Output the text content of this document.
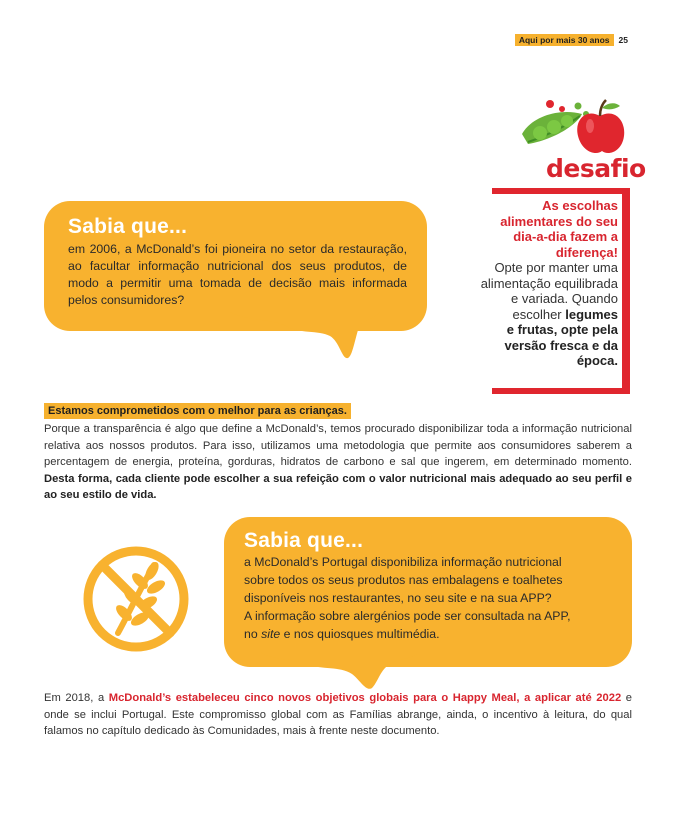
Aqui por mais 30 anos	25
desafio
As escolhas
alimentares do seu
dia-a-dia fazem a
diferença!
Opte por manter uma
alimentação equilibrada
e variada. Quando
escolher legumes
e frutas, opte pela
versão fresca e da
época.
Sabia que...
em 2006, a McDonald’s foi pioneira no setor da restauração, ao facultar informação nutricional dos seus produtos, de modo a permitir uma tomada de decisão mais informada pelos consumidores?
Estamos comprometidos com o melhor para as crianças.
Porque a transparência é algo que define a McDonald’s, temos procurado disponibilizar toda a informação nutricional relativa aos nossos produtos. Para isso, utilizamos uma metodologia que permite aos consumidores saberem a percentagem de energia, proteína, gorduras, hidratos de carbono e sal que ingerem, em determinado momento. Desta forma, cada cliente pode escolher a sua refeição com o valor nutricional mais adequado ao seu perfil e ao seu estilo de vida.
Sabia que...
a McDonald’s Portugal disponibiliza informação nutricional
sobre todos os seus produtos nas embalagens e toalhetes
disponíveis nos restaurantes, no seu site e na sua APP?
A informação sobre alergénios pode ser consultada na APP,
no site e nos quiosques multimédia.
Em 2018, a McDonald’s estabeleceu cinco novos objetivos globais para o Happy Meal, a aplicar até 2022 e onde se inclui Portugal. Este compromisso global com as Famílias abrange, ainda, o incentivo à leitura, do qual falamos no capítulo dedicado às Comunidades, mais à frente neste documento.
